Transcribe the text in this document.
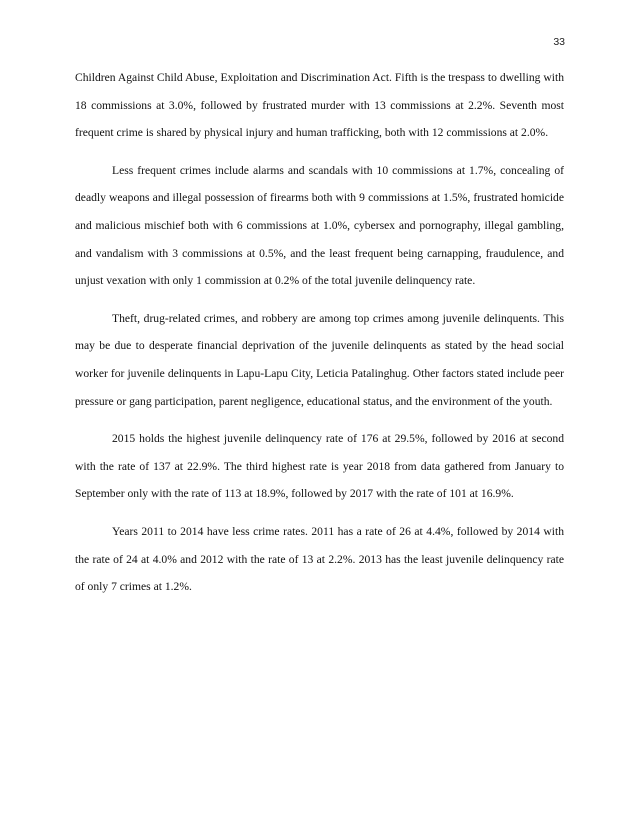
33

Children Against Child Abuse, Exploitation and Discrimination Act. Fifth is the trespass to dwelling with 18 commissions at 3.0%, followed by frustrated murder with 13 commissions at 2.2%. Seventh most frequent crime is shared by physical injury and human trafficking, both with 12 commissions at 2.0%.

Less frequent crimes include alarms and scandals with 10 commissions at 1.7%, concealing of deadly weapons and illegal possession of firearms both with 9 commissions at 1.5%, frustrated homicide and malicious mischief both with 6 commissions at 1.0%, cybersex and pornography, illegal gambling, and vandalism with 3 commissions at 0.5%, and the least frequent being carnapping, fraudulence, and unjust vexation with only 1 commission at 0.2% of the total juvenile delinquency rate.

Theft, drug-related crimes, and robbery are among top crimes among juvenile delinquents. This may be due to desperate financial deprivation of the juvenile delinquents as stated by the head social worker for juvenile delinquents in Lapu-Lapu City, Leticia Patalinghug. Other factors stated include peer pressure or gang participation, parent negligence, educational status, and the environment of the youth.

2015 holds the highest juvenile delinquency rate of 176 at 29.5%, followed by 2016 at second with the rate of 137 at 22.9%. The third highest rate is year 2018 from data gathered from January to September only with the rate of 113 at 18.9%, followed by 2017 with the rate of 101 at 16.9%.

Years 2011 to 2014 have less crime rates. 2011 has a rate of 26 at 4.4%, followed by 2014 with the rate of 24 at 4.0% and 2012 with the rate of 13 at 2.2%. 2013 has the least juvenile delinquency rate of only 7 crimes at 1.2%.
